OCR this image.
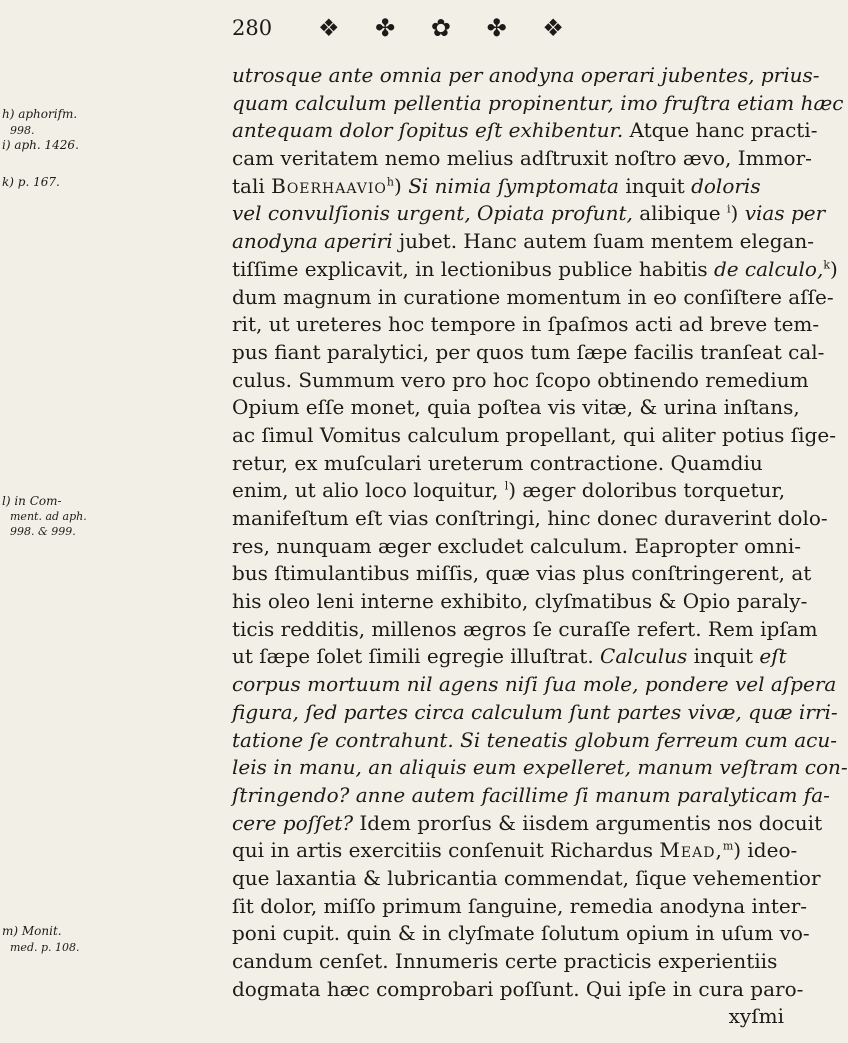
280 ❖ ✤ ✿ ✤ ❖
h) aphorifm.
998.
i) aph. 1426.
k) p. 167.
l) in Com-
ment. ad aph.
998. & 999.
m) Monit.
med. p. 108.
utrosque ante omnia per anodyna operari jubentes, prius-
quam calculum pellentia propinentur, imo fruſtra etiam hæc
antequam dolor ſopitus eſt exhibentur. Atque hanc practi-
cam veritatem nemo melius adſtruxit noſtro ævo, Immor-
tali Boerhaavio$^h$) Si nimia ſymptomata inquit doloris
vel convulſionis urgent, Opiata profunt, alibique $^i$) vias per
anodyna aperiri jubet. Hanc autem ſuam mentem elegan-
tiſſime explicavit, in lectionibus publice habitis de calculo,$^k$)
dum magnum in curatione momentum in eo conſiſtere aſſe-
rit, ut ureteres hoc tempore in ſpaſmos acti ad breve tem-
pus fiant paralytici, per quos tum ſæpe facilis tranſeat cal-
culus. Summum vero pro hoc ſcopo obtinendo remedium
Opium eſſe monet, quia poſtea vis vitæ, & urina inſtans,
ac ſimul Vomitus calculum propellant, qui aliter potius ſige-
retur, ex muſculari ureterum contractione. Quamdiu
enim, ut alio loco loquitur, $^l$) æger doloribus torquetur,
manifeſtum eſt vias conſtringi, hinc donec duraverint dolo-
res, nunquam æger excludet calculum. Eapropter omni-
bus ſtimulantibus miſſis, quæ vias plus conſtringerent, at
his oleo leni interne exhibito, clyſmatibus & Opio paraly-
ticis redditis, millenos ægros ſe curaſſe refert. Rem ipſam
ut ſæpe ſolet ſimili egregie illuſtrat. Calculus inquit eſt
corpus mortuum nil agens niſi ſua mole, pondere vel aſpera
figura, ſed partes circa calculum ſunt partes vivæ, quæ irri-
tatione ſe contrahunt. Si teneatis globum ferreum cum acu-
leis in manu, an aliquis eum expelleret, manum veſtram con-
ſtringendo? anne autem facillime ſi manum paralyticam fa-
cere poſſet? Idem prorſus & iisdem argumentis nos docuit
qui in artis exercitiis conſenuit Richardus Mead,$^m$) ideo-
que laxantia & lubricantia commendat, ſique vehementior
ſit dolor, miſſo primum ſanguine, remedia anodyna inter-
poni cupit. quin & in clyſmate ſolutum opium in uſum vo-
candum cenſet. Innumeris certe practicis experientiis
dogmata hæc comprobari poſſunt. Qui ipſe in cura paro-
xyſmi
